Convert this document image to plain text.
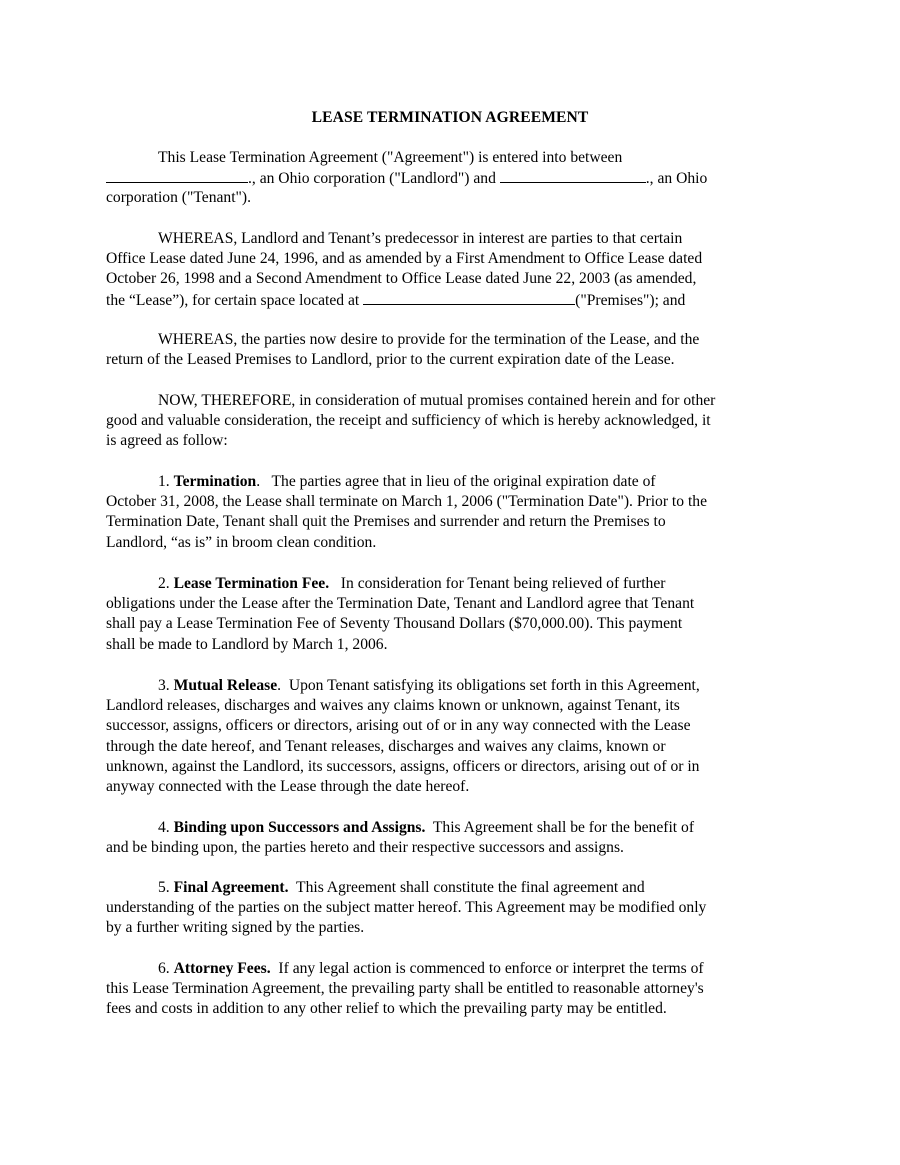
LEASE TERMINATION AGREEMENT
This Lease Termination Agreement ("Agreement") is entered into between
., an Ohio corporation ("Landlord") and	., an Ohio
corporation ("Tenant").
WHEREAS, Landlord and Tenant’s predecessor in interest are parties to that certain
Office Lease dated June 24, 1996, and as amended by a First Amendment to Office Lease dated
October 26, 1998 and a Second Amendment to Office Lease dated June 22, 2003 (as amended,
the “Lease”), for certain space located at	("Premises"); and
WHEREAS, the parties now desire to provide for the termination of the Lease, and the
return of the Leased Premises to Landlord, prior to the current expiration date of the Lease.
NOW, THEREFORE, in consideration of mutual promises contained herein and for other
good and valuable consideration, the receipt and sufficiency of which is hereby acknowledged, it
is agreed as follow:
1. Termination.   The parties agree that in lieu of the original expiration date of
October 31, 2008, the Lease shall terminate on March 1, 2006 ("Termination Date"). Prior to the
Termination Date, Tenant shall quit the Premises and surrender and return the Premises to
Landlord, “as is” in broom clean condition.
2. Lease Termination Fee.   In consideration for Tenant being relieved of further
obligations under the Lease after the Termination Date, Tenant and Landlord agree that Tenant
shall pay a Lease Termination Fee of Seventy Thousand Dollars ($70,000.00). This payment
shall be made to Landlord by March 1, 2006.
3. Mutual Release.  Upon Tenant satisfying its obligations set forth in this Agreement,
Landlord releases, discharges and waives any claims known or unknown, against Tenant, its
successor, assigns, officers or directors, arising out of or in any way connected with the Lease
through the date hereof, and Tenant releases, discharges and waives any claims, known or
unknown, against the Landlord, its successors, assigns, officers or directors, arising out of or in
anyway connected with the Lease through the date hereof.
4. Binding upon Successors and Assigns.  This Agreement shall be for the benefit of
and be binding upon, the parties hereto and their respective successors and assigns.
5. Final Agreement.  This Agreement shall constitute the final agreement and
understanding of the parties on the subject matter hereof. This Agreement may be modified only
by a further writing signed by the parties.
6. Attorney Fees.  If any legal action is commenced to enforce or interpret the terms of
this Lease Termination Agreement, the prevailing party shall be entitled to reasonable attorney's
fees and costs in addition to any other relief to which the prevailing party may be entitled.
